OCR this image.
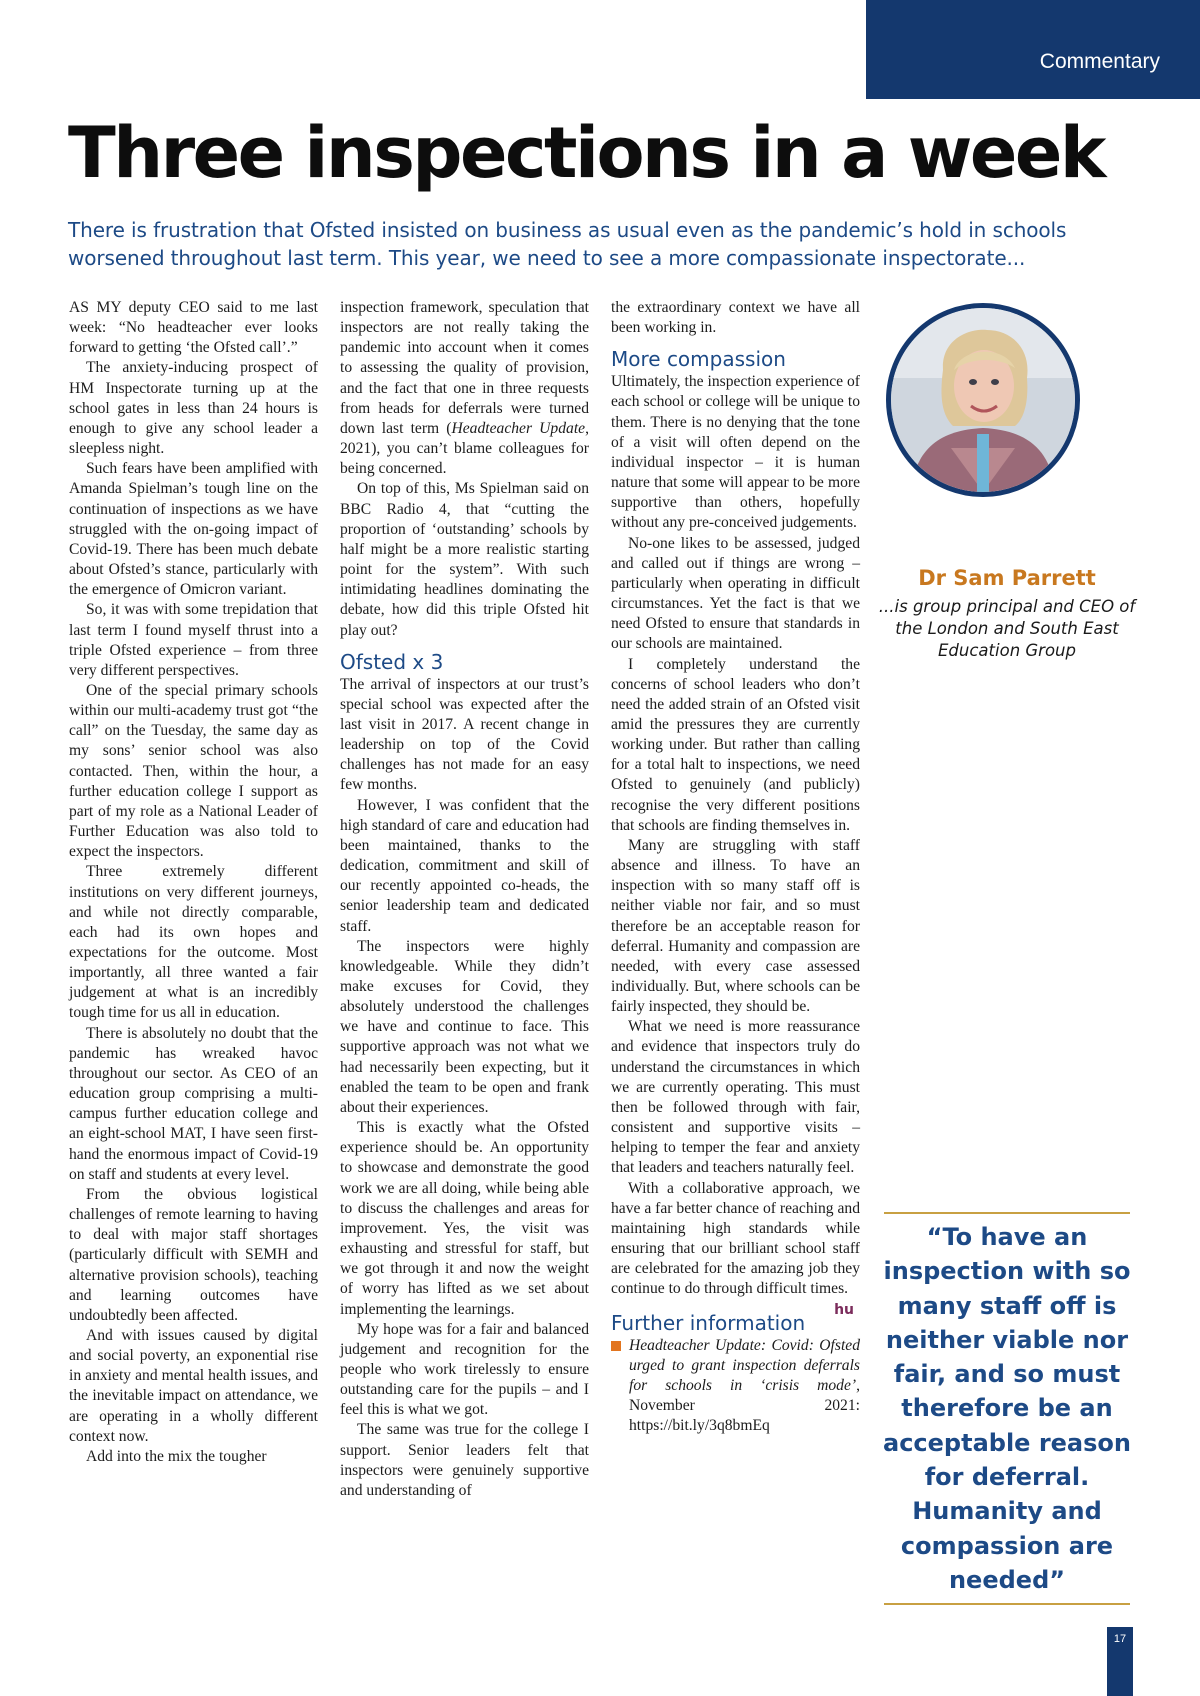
Commentary
Three inspections in a week
There is frustration that Ofsted insisted on business as usual even as the pandemic’s hold in schools
worsened throughout last term. This year, we need to see a more compassionate inspectorate...

AS MY deputy CEO said to me last week: “No headteacher ever looks forward to getting ‘the Ofsted call’.”

The anxiety-inducing prospect of HM Inspectorate turning up at the school gates in less than 24 hours is enough to give any school leader a sleepless night.

Such fears have been amplified with Amanda Spielman’s tough line on the continuation of inspections as we have struggled with the on-going impact of Covid-19. There has been much debate about Ofsted’s stance, particularly with the emergence of Omicron variant.

So, it was with some trepidation that last term I found myself thrust into a triple Ofsted experience – from three very different perspectives.

One of the special primary schools within our multi-academy trust got “the call” on the Tuesday, the same day as my sons’ senior school was also contacted. Then, within the hour, a further education college I support as part of my role as a National Leader of Further Education was also told to expect the inspectors.

Three extremely different institutions on very different journeys, and while not directly comparable, each had its own hopes and expectations for the outcome. Most importantly, all three wanted a fair judgement at what is an incredibly tough time for us all in education.

There is absolutely no doubt that the pandemic has wreaked havoc throughout our sector. As CEO of an education group comprising a multi-campus further education college and an eight-school MAT, I have seen first-hand the enormous impact of Covid-19 on staff and students at every level.

From the obvious logistical challenges of remote learning to having to deal with major staff shortages (particularly difficult with SEMH and alternative provision schools), teaching and learning outcomes have undoubtedly been affected.

And with issues caused by digital and social poverty, an exponential rise in anxiety and mental health issues, and the inevitable impact on attendance, we are operating in a wholly different context now.

Add into the mix the tougher

inspection framework, speculation that inspectors are not really taking the pandemic into account when it comes to assessing the quality of provision, and the fact that one in three requests from heads for deferrals were turned down last term (Headteacher Update, 2021), you can’t blame colleagues for being concerned.

On top of this, Ms Spielman said on BBC Radio 4, that “cutting the proportion of ‘outstanding’ schools by half might be a more realistic starting point for the system”. With such intimidating headlines dominating the debate, how did this triple Ofsted hit play out?

Ofsted x 3

The arrival of inspectors at our trust’s special school was expected after the last visit in 2017. A recent change in leadership on top of the Covid challenges has not made for an easy few months.

However, I was confident that the high standard of care and education had been maintained, thanks to the dedication, commitment and skill of our recently appointed co-heads, the senior leadership team and dedicated staff.

The inspectors were highly knowledgeable. While they didn’t make excuses for Covid, they absolutely understood the challenges we have and continue to face. This supportive approach was not what we had necessarily been expecting, but it enabled the team to be open and frank about their experiences.

This is exactly what the Ofsted experience should be. An opportunity to showcase and demonstrate the good work we are all doing, while being able to discuss the challenges and areas for improvement. Yes, the visit was exhausting and stressful for staff, but we got through it and now the weight of worry has lifted as we set about implementing the learnings.

My hope was for a fair and balanced judgement and recognition for the people who work tirelessly to ensure outstanding care for the pupils – and I feel this is what we got.

The same was true for the college I support. Senior leaders felt that inspectors were genuinely supportive and understanding of

the extraordinary context we have all been working in.

More compassion

Ultimately, the inspection experience of each school or college will be unique to them. There is no denying that the tone of a visit will often depend on the individual inspector – it is human nature that some will appear to be more supportive than others, hopefully without any pre-conceived judgements.

No-one likes to be assessed, judged and called out if things are wrong – particularly when operating in difficult circumstances. Yet the fact is that we need Ofsted to ensure that standards in our schools are maintained.

I completely understand the concerns of school leaders who don’t need the added strain of an Ofsted visit amid the pressures they are currently working under. But rather than calling for a total halt to inspections, we need Ofsted to genuinely (and publicly) recognise the very different positions that schools are finding themselves in.

Many are struggling with staff absence and illness. To have an inspection with so many staff off is neither viable nor fair, and so must therefore be an acceptable reason for deferral. Humanity and compassion are needed, with every case assessed individually. But, where schools can be fairly inspected, they should be.

What we need is more reassurance and evidence that inspectors truly do understand the circumstances in which we are currently operating. This must then be followed through with fair, consistent and supportive visits – helping to temper the fear and anxiety that leaders and teachers naturally feel.

With a collaborative approach, we have a far better chance of reaching and maintaining high standards while ensuring that our brilliant school staff are celebrated for the amazing job they continue to do through difficult times.
hu

Further information
Headteacher Update: Covid: Ofsted urged to grant inspection deferrals for schools in ‘crisis mode’, November 2021: https://bit.ly/3q8bmEq
Dr Sam Parrett
...is group principal and CEO of the London and South East Education Group
“To have an inspection with so many staff off is neither viable nor fair, and so must therefore be an acceptable reason for deferral. Humanity and compassion are needed”
17
